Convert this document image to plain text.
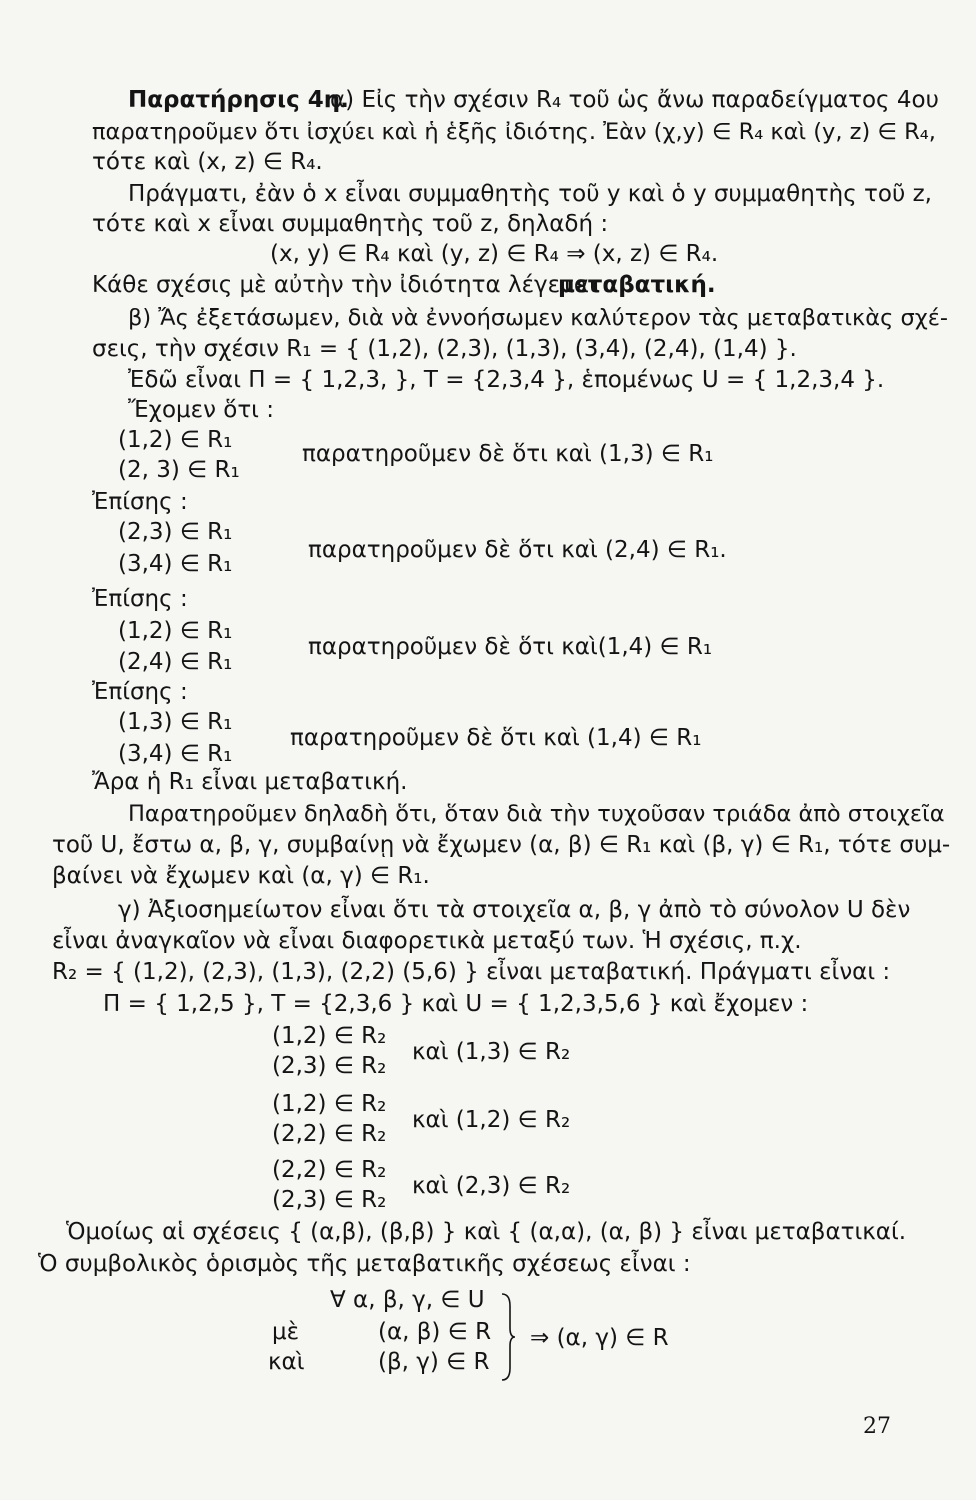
27
Παρατήρησις 4η.
α) Εἰς τὴν σχέσιν R₄ τοῦ ὡς ἄνω παραδείγματος 4ου
παρατηροῦμεν ὅτι ἰσχύει καὶ ἡ ἑξῆς ἰδιότης. Ἐὰν (χ,y) ∈ R₄ καὶ (y, z) ∈ R₄,
τότε καὶ (x, z) ∈ R₄.
Πράγματι, ἐὰν ὁ x εἶναι συμμαθητὴς τοῦ y καὶ ὁ y συμμαθητὴς τοῦ z,
τότε καὶ x εἶναι συμμαθητὴς τοῦ z, δηλαδή :
(x, y) ∈ R₄ καὶ (y, z) ∈ R₄ ⇒ (x, z) ∈ R₄.
Κάθε σχέσις μὲ αὐτὴν τὴν ἰδιότητα λέγεται
μεταβατική.
β) Ἄς ἐξετάσωμεν, διὰ νὰ ἐννοήσωμεν καλύτερον τὰς μεταβατικὰς σχέ-
σεις, τὴν σχέσιν R₁ = { (1,2), (2,3), (1,3), (3,4), (2,4), (1,4) }.
Ἐδῶ εἶναι Π = { 1,2,3, }, Τ = {2,3,4 }, ἑπομένως U = { 1,2,3,4 }.
Ἔχομεν ὅτι :
(1,2) ∈ R₁
παρατηροῦμεν δὲ ὅτι καὶ (1,3) ∈ R₁
(2, 3) ∈ R₁
Ἐπίσης :
(2,3) ∈ R₁
παρατηροῦμεν δὲ ὅτι καὶ (2,4) ∈ R₁.
(3,4) ∈ R₁
Ἐπίσης :
(1,2) ∈ R₁
παρατηροῦμεν δὲ ὅτι καὶ(1,4) ∈ R₁
(2,4) ∈ R₁
Ἐπίσης :
(1,3) ∈ R₁
παρατηροῦμεν δὲ ὅτι καὶ (1,4) ∈ R₁
(3,4) ∈ R₁
Ἄρα ἡ R₁ εἶναι μεταβατική.
Παρατηροῦμεν δηλαδὴ ὅτι, ὅταν διὰ τὴν τυχοῦσαν τριάδα ἀπὸ στοιχεῖα
τοῦ U, ἔστω α, β, γ, συμβαίνῃ νὰ ἔχωμεν (α, β) ∈ R₁ καὶ (β, γ) ∈ R₁, τότε συμ-
βαίνει νὰ ἔχωμεν καὶ (α, γ) ∈ R₁.
γ) Ἀξιοσημείωτον εἶναι ὅτι τὰ στοιχεῖα α, β, γ ἀπὸ τὸ σύνολον U δὲν
εἶναι ἀναγκαῖον νὰ εἶναι διαφορετικὰ μεταξύ των. Ἡ σχέσις, π.χ.
R₂ = { (1,2), (2,3), (1,3), (2,2) (5,6) } εἶναι μεταβατική. Πράγματι εἶναι :
Π = { 1,2,5 }, Τ = {2,3,6 } καὶ U = { 1,2,3,5,6 } καὶ ἔχομεν :
(1,2) ∈ R₂
καὶ (1,3) ∈ R₂
(2,3) ∈ R₂
(1,2) ∈ R₂
καὶ (1,2) ∈ R₂
(2,2) ∈ R₂
(2,2) ∈ R₂
καὶ (2,3) ∈ R₂
(2,3) ∈ R₂
Ὁμοίως αἱ σχέσεις { (α,β), (β,β) } καὶ { (α,α), (α, β) } εἶναι μεταβατικαί.
Ὁ συμβολικὸς ὁρισμὸς τῆς μεταβατικῆς σχέσεως εἶναι :
∀ α, β, γ, ∈ U
μὲ	(α, β) ∈ R ⇒ (α, γ) ∈ R
καὶ	(β, γ) ∈ R
